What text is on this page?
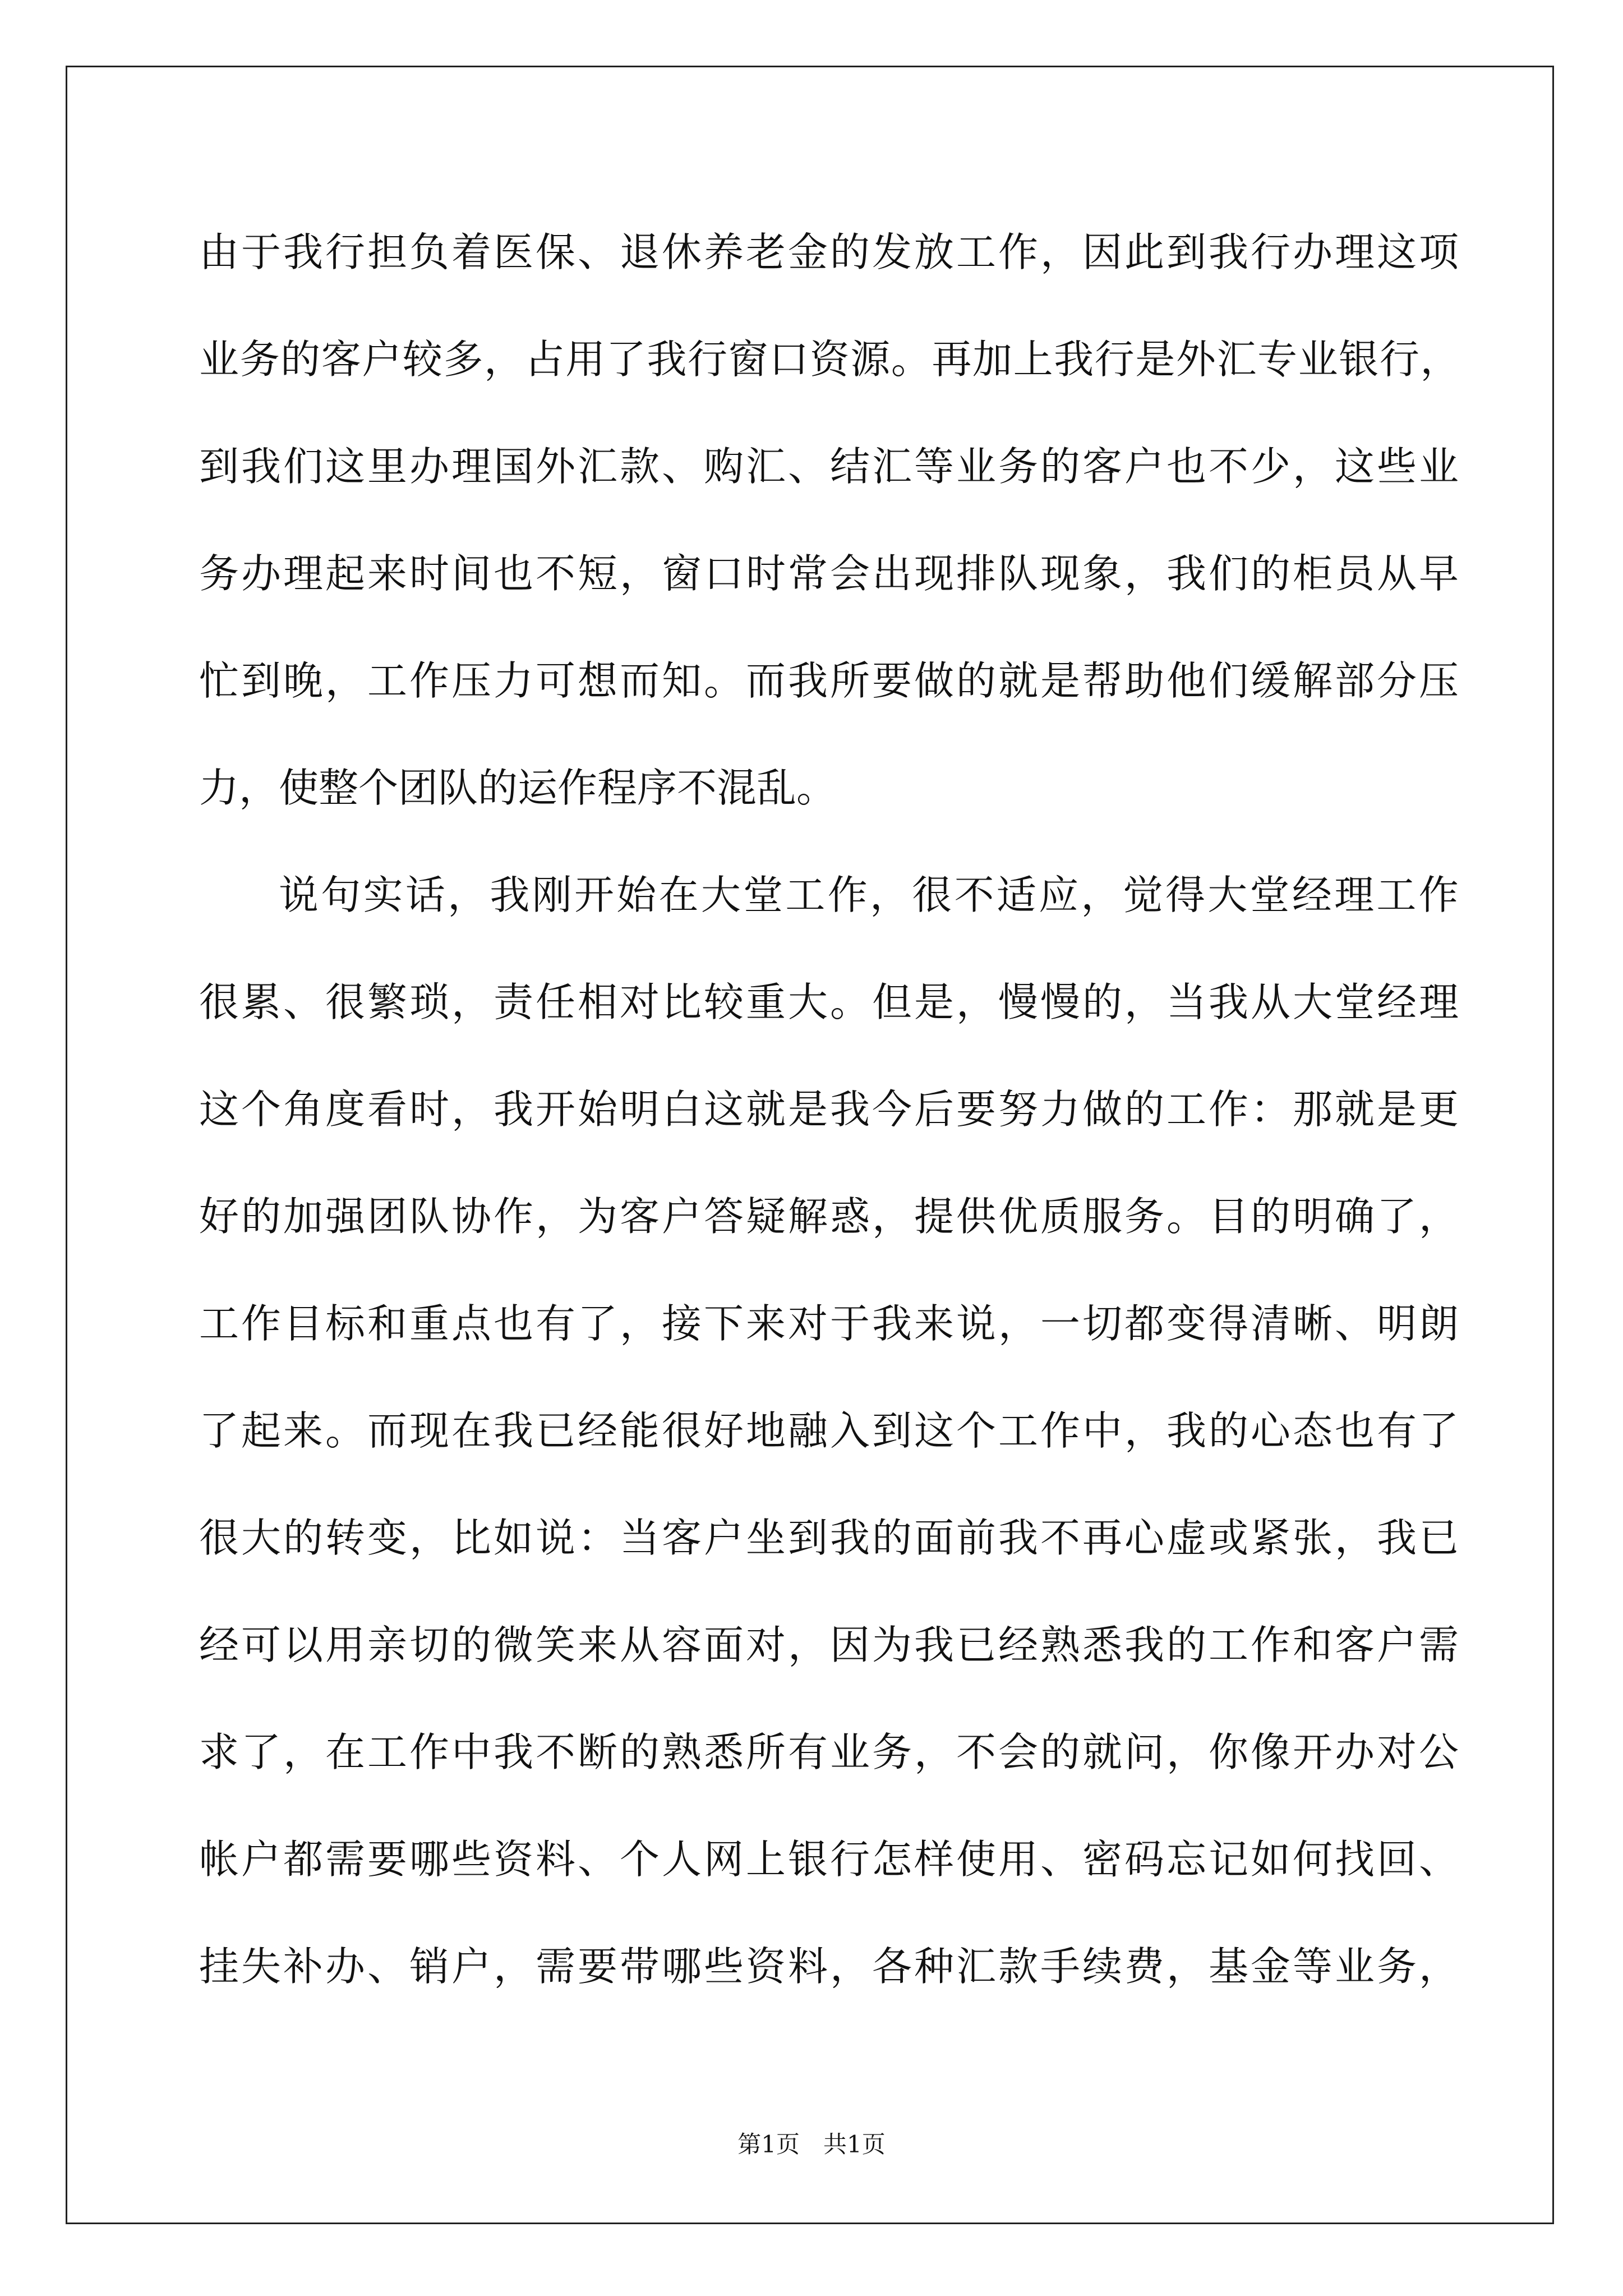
由于我行担负着医保、退休养老金的发放工作，因此到我行办理这项
业务的客户较多，占用了我行窗口资源。再加上我行是外汇专业银行，
到我们这里办理国外汇款、购汇、结汇等业务的客户也不少，这些业
务办理起来时间也不短，窗口时常会出现排队现象，我们的柜员从早
忙到晚，工作压力可想而知。而我所要做的就是帮助他们缓解部分压
力，使整个团队的运作程序不混乱。
说句实话，我刚开始在大堂工作，很不适应，觉得大堂经理工作
很累、很繁琐，责任相对比较重大。但是，慢慢的，当我从大堂经理
这个角度看时，我开始明白这就是我今后要努力做的工作：那就是更
好的加强团队协作，为客户答疑解惑，提供优质服务。目的明确了，
工作目标和重点也有了，接下来对于我来说，一切都变得清晰、明朗
了起来。而现在我已经能很好地融入到这个工作中，我的心态也有了
很大的转变，比如说：当客户坐到我的面前我不再心虚或紧张，我已
经可以用亲切的微笑来从容面对，因为我已经熟悉我的工作和客户需
求了，在工作中我不断的熟悉所有业务，不会的就问，你像开办对公
帐户都需要哪些资料、个人网上银行怎样使用、密码忘记如何找回、
挂失补办、销户，需要带哪些资料，各种汇款手续费，基金等业务，
第1页 共1页
